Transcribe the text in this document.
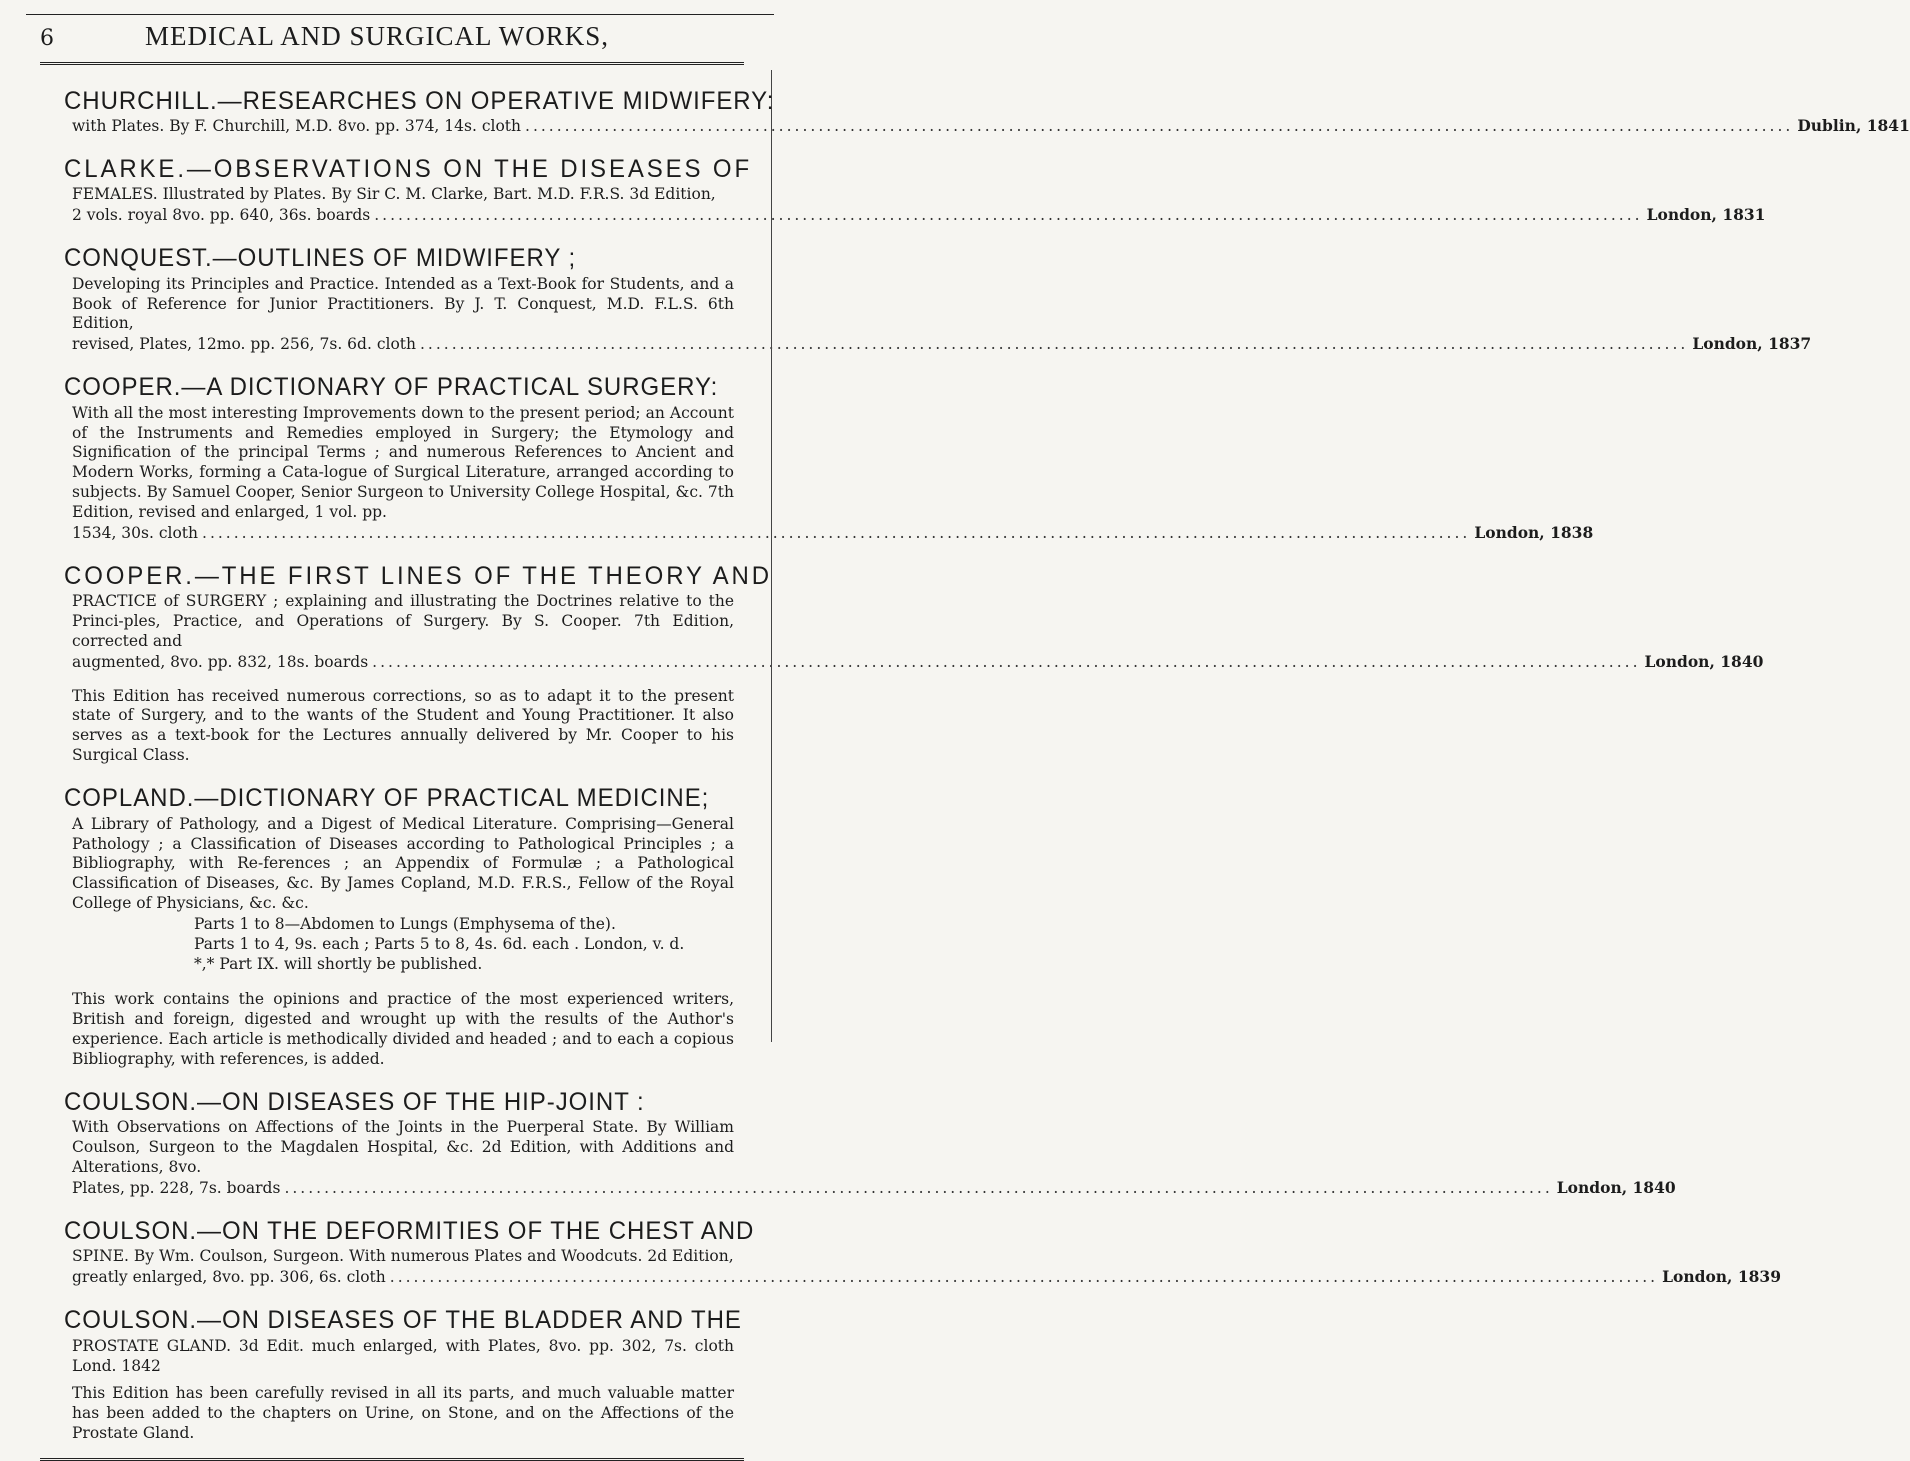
6	MEDICAL AND SURGICAL WORKS,
CHURCHILL.—RESEARCHES ON OPERATIVE MIDWIFERY:
with Plates. By F. Churchill, M.D. 8vo. pp. 374, 14s. cloth ................................................................................................................................................................ Dublin, 1841
CLARKE.—OBSERVATIONS ON THE DISEASES OF
FEMALES. Illustrated by Plates. By Sir C. M. Clarke, Bart. M.D. F.R.S. 3d Edition,
2 vols. royal 8vo. pp. 640, 36s. boards ................................................................................................................................................................ London, 1831
CONQUEST.—OUTLINES OF MIDWIFERY ;
Developing its Principles and Practice. Intended as a Text-Book for Students, and a Book of Reference for Junior Practitioners. By J. T. Conquest, M.D. F.L.S. 6th Edition,
revised, Plates, 12mo. pp. 256, 7s. 6d. cloth ................................................................................................................................................................ London, 1837
COOPER.—A DICTIONARY OF PRACTICAL SURGERY:
With all the most interesting Improvements down to the present period; an Account of the Instruments and Remedies employed in Surgery; the Etymology and Signification of the principal Terms ; and numerous References to Ancient and Modern Works, forming a Cata-logue of Surgical Literature, arranged according to subjects. By Samuel Cooper, Senior Surgeon to University College Hospital, &c. 7th Edition, revised and enlarged, 1 vol. pp.
1534, 30s. cloth ................................................................................................................................................................ London, 1838
COOPER.—THE FIRST LINES OF THE THEORY AND
PRACTICE of SURGERY ; explaining and illustrating the Doctrines relative to the Princi-ples, Practice, and Operations of Surgery. By S. Cooper. 7th Edition, corrected and
augmented, 8vo. pp. 832, 18s. boards ................................................................................................................................................................ London, 1840
This Edition has received numerous corrections, so as to adapt it to the present state of Surgery, and to the wants of the Student and Young Practitioner. It also serves as a text-book for the Lectures annually delivered by Mr. Cooper to his Surgical Class.
COPLAND.—DICTIONARY OF PRACTICAL MEDICINE;
A Library of Pathology, and a Digest of Medical Literature. Comprising—General Pathology ; a Classification of Diseases according to Pathological Principles ; a Bibliography, with Re-ferences ; an Appendix of Formulæ ; a Pathological Classification of Diseases, &c. By James Copland, M.D. F.R.S., Fellow of the Royal College of Physicians, &c. &c.
Parts 1 to 8—Abdomen to Lungs (Emphysema of the).
Parts 1 to 4, 9s. each ; Parts 5 to 8, 4s. 6d. each . London, v. d.
*,* Part IX. will shortly be published.
This work contains the opinions and practice of the most experienced writers, British and foreign, digested and wrought up with the results of the Author's experience. Each article is methodically divided and headed ; and to each a copious Bibliography, with references, is added.
COULSON.—ON DISEASES OF THE HIP-JOINT :
With Observations on Affections of the Joints in the Puerperal State. By William Coulson, Surgeon to the Magdalen Hospital, &c. 2d Edition, with Additions and Alterations, 8vo.
Plates, pp. 228, 7s. boards ................................................................................................................................................................ London, 1840
COULSON.—ON THE DEFORMITIES OF THE CHEST AND
SPINE. By Wm. Coulson, Surgeon. With numerous Plates and Woodcuts. 2d Edition,
greatly enlarged, 8vo. pp. 306, 6s. cloth ................................................................................................................................................................ London, 1839
COULSON.—ON DISEASES OF THE BLADDER AND THE
PROSTATE GLAND. 3d Edit. much enlarged, with Plates, 8vo. pp. 302, 7s. cloth Lond. 1842
This Edition has been carefully revised in all its parts, and much valuable matter has been added to the chapters on Urine, on Stone, and on the Affections of the Prostate Gland.
